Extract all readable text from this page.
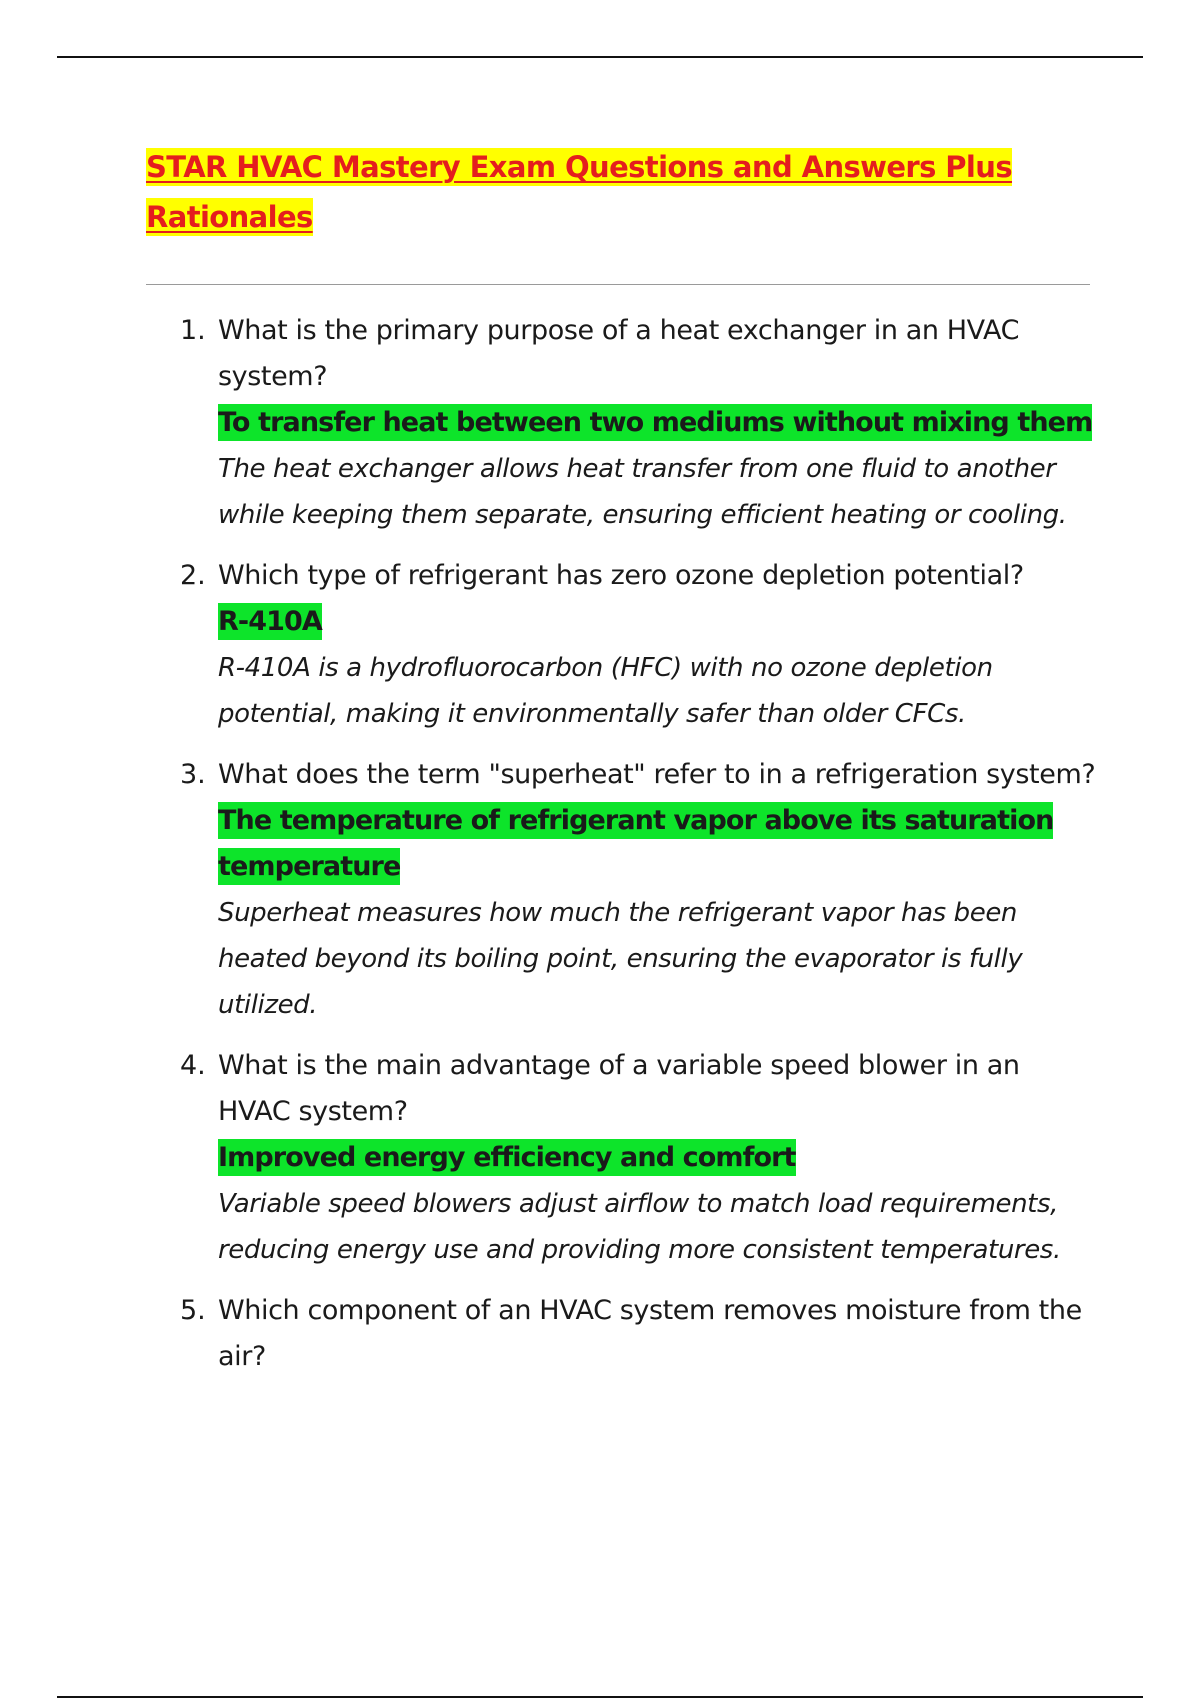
STAR HVAC Mastery Exam Questions and Answers Plus
Rationales
1. What is the primary purpose of a heat exchanger in an HVAC system?
To transfer heat between two mediums without mixing them
The heat exchanger allows heat transfer from one fluid to another while keeping them separate, ensuring efficient heating or cooling.
2. Which type of refrigerant has zero ozone depletion potential?
R-410A
R-410A is a hydrofluorocarbon (HFC) with no ozone depletion potential, making it environmentally safer than older CFCs.
3. What does the term "superheat" refer to in a refrigeration system?
The temperature of refrigerant vapor above its saturation temperature
Superheat measures how much the refrigerant vapor has been heated beyond its boiling point, ensuring the evaporator is fully utilized.
4. What is the main advantage of a variable speed blower in an HVAC system?
Improved energy efficiency and comfort
Variable speed blowers adjust airflow to match load requirements, reducing energy use and providing more consistent temperatures.
5. Which component of an HVAC system removes moisture from the air?
